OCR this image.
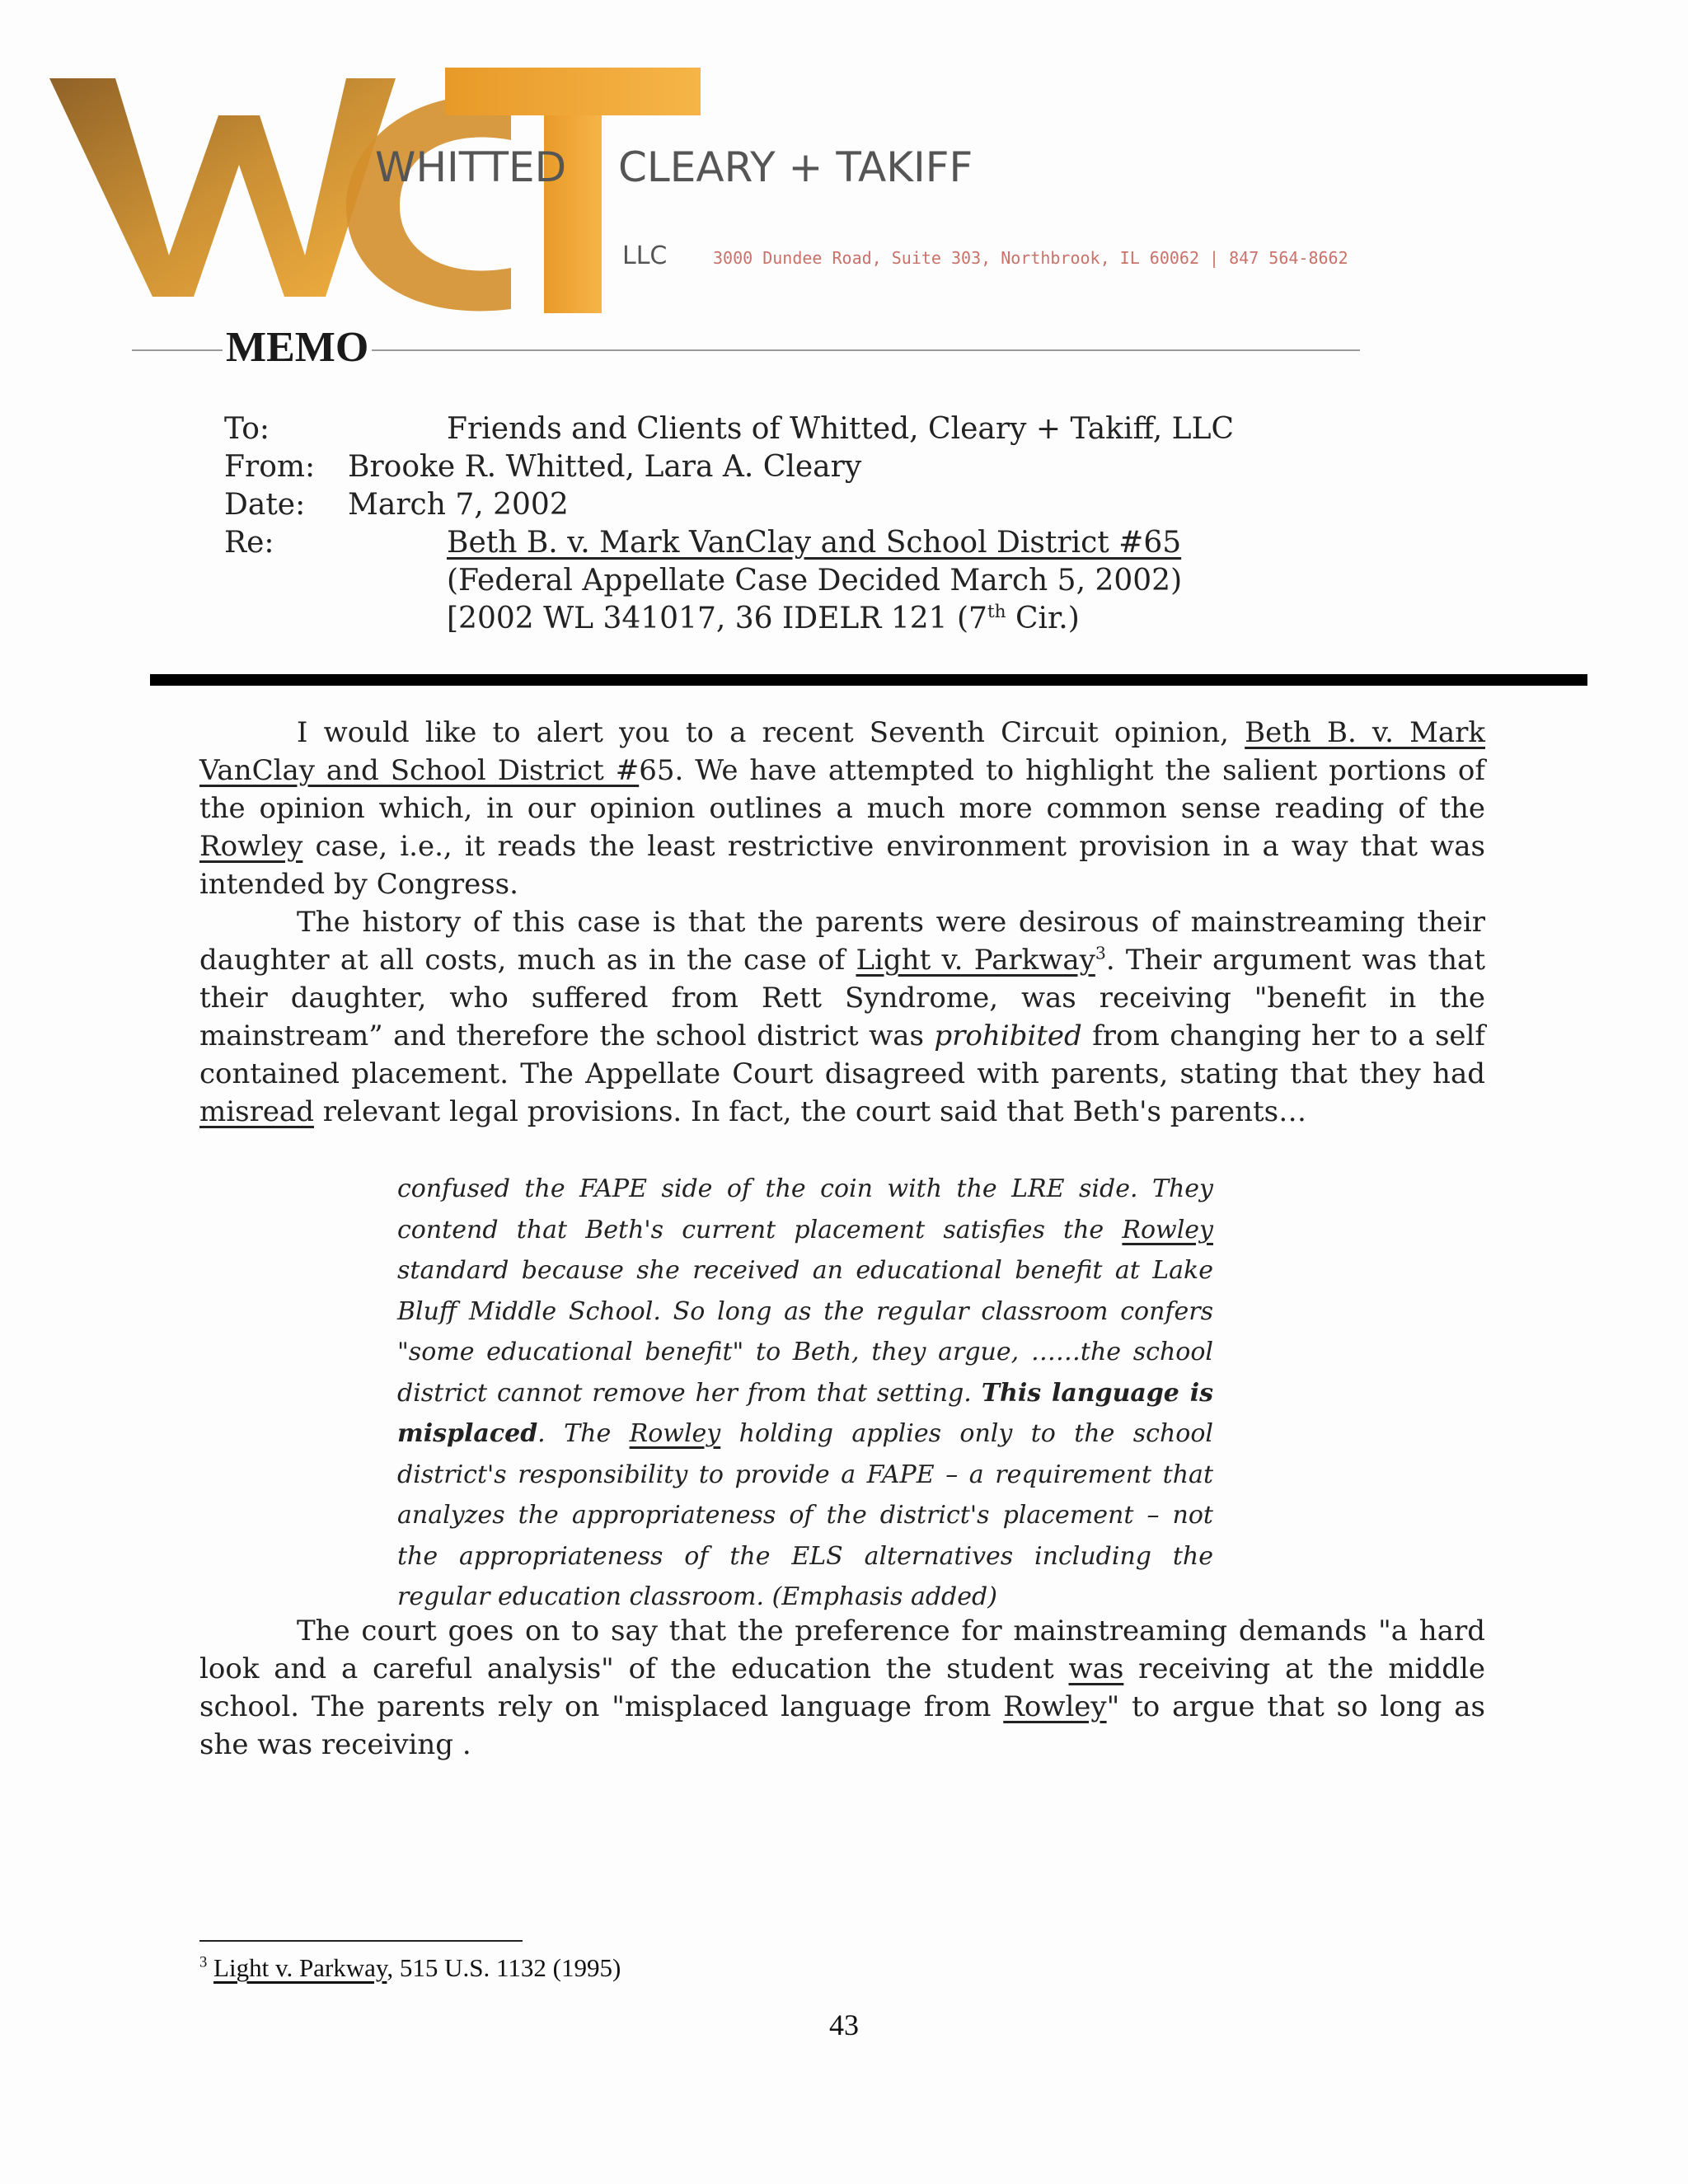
WHITTED CLEARY + TAKIFF
LLC	3000 Dundee Road, Suite 303, Northbrook, IL 60062 | 847 564-8662
MEMO
To:	Friends and Clients of Whitted, Cleary + Takiff, LLC
From: Brooke R. Whitted, Lara A. Cleary
Date: March 7, 2002
Re:	Beth B. v. Mark VanClay and School District #65
(Federal Appellate Case Decided March 5, 2002)
[2002 WL 341017, 36 IDELR 121 (7th Cir.)

I would like to alert you to a recent Seventh Circuit opinion, Beth B. v. Mark VanClay and School District #65. We have attempted to highlight the salient portions of the opinion which, in our opinion outlines a much more common sense reading of the Rowley case, i.e., it reads the least restrictive environment provision in a way that was intended by Congress.

The history of this case is that the parents were desirous of mainstreaming their daughter at all costs, much as in the case of Light v. Parkway$^3$. Their argument was that their daughter, who suffered from Rett Syndrome, was receiving "benefit in the mainstream” and therefore the school district was prohibited from changing her to a self contained placement. The Appellate Court disagreed with parents, stating that they had misread relevant legal provisions. In fact, the court said that Beth's parents…

confused the FAPE side of the coin with the LRE side. They contend that Beth's current placement satisfies the Rowley standard because she received an educational benefit at Lake Bluff Middle School. So long as the regular classroom confers "some educational benefit" to Beth, they argue, ……the school district cannot remove her from that setting. This language is misplaced. The Rowley holding applies only to the school district's responsibility to provide a FAPE – a requirement that analyzes the appropriateness of the district's placement – not the appropriateness of the ELS alternatives including the regular education classroom. (Emphasis added)

The court goes on to say that the preference for mainstreaming demands "a hard look and a careful analysis" of the education the student was receiving at the middle school. The parents rely on "misplaced language from Rowley" to argue that so long as she was receiving .

$^3$ Light v. Parkway, 515 U.S. 1132 (1995)
43
